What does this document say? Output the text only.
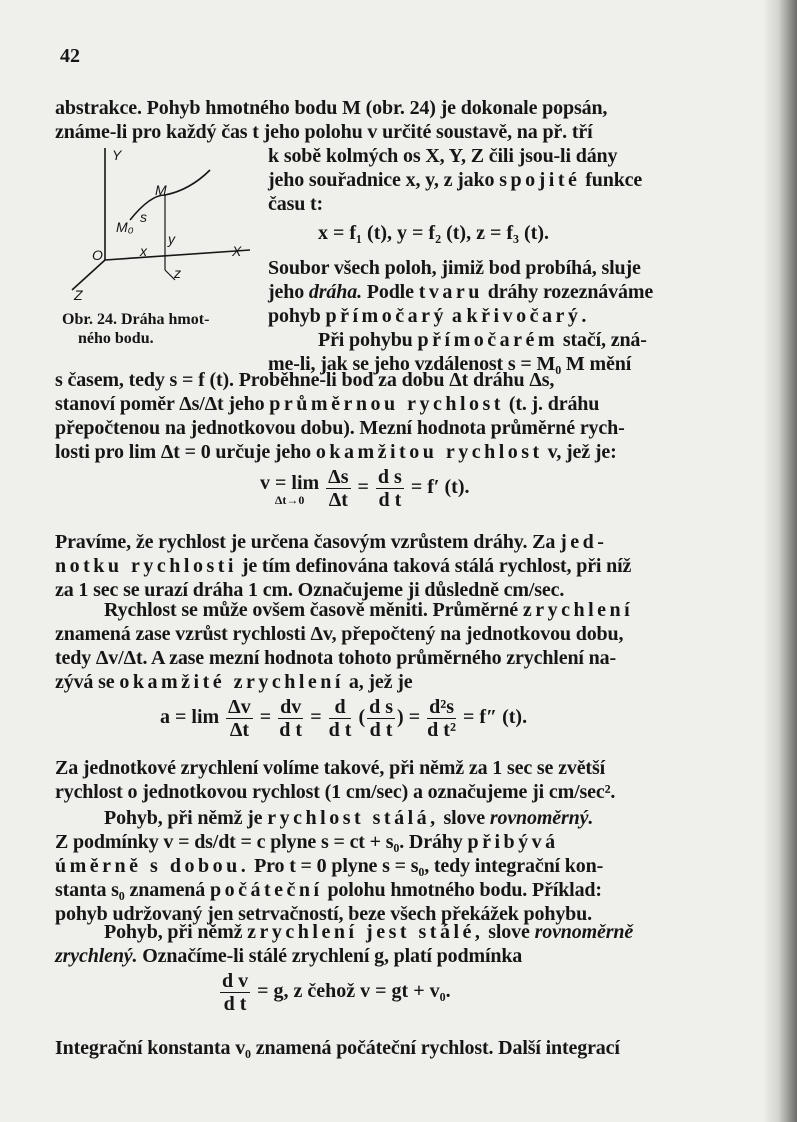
42
abstrakce. Pohyb hmotného bodu M (obr. 24) je dokonale popsán,
známe-li pro každý čas t jeho polohu v určité soustavě, na př. tří
Y
X
Z
O
M
M₀
s
x
y
z
Obr. 24. Dráha hmot-
ného bodu.
k sobě kolmých os X, Y, Z čili jsou-li dány
jeho souřadnice x, y, z jako spojité funkce
času t:
x = f₁ (t), y = f₂ (t), z = f₃ (t).
Soubor všech poloh, jimiž bod probíhá, sluje
jeho dráha. Podle tvaru dráhy rozeznáváme
pohyb přímočarý a křivočarý.
Při pohybu přímočarém stačí, zná-
me-li, jak se jeho vzdálenost s = M₀ M mění
s časem, tedy s = f (t). Proběhne-li bod za dobu Δt dráhu Δs,
stanoví poměr Δs/Δt jeho průměrnou rychlost (t. j. dráhu
přepočtenou na jednotkovou dobu). Mezní hodnota průměrné rych-
losti pro lim Δt = 0 určuje jeho okamžitou rychlost v, jež je:
v = lim
Δt→0
	$\frac{\Delta s}{\Delta t} = \frac{\text{d s}}{\text{d t}} = f'$ (t).
Pravíme, že rychlost je určena časovým vzrůstem dráhy. Za jed-
notku rychlosti je tím definována taková stálá rychlost, při níž
za 1 sec se urazí dráha 1 cm. Označujeme ji důsledně cm/sec.
Rychlost se může ovšem časově měniti. Průměrné zrychlení
znamená zase vzrůst rychlosti Δv, přepočtený na jednotkovou dobu,
tedy Δv/Δt. A zase mezní hodnota tohoto průměrného zrychlení na-
zývá se okamžité zrychlení a, jež je
$a = \lim \frac{\Delta v}{\Delta t} = \frac{dv}{\text{d t}} = \frac{d}{\text{d t}}$ ( $\frac{\text{d s}}{\text{d t}}$ ) = $\frac{\text{d²s}}{\text{d t²}} = f''$ (t).
Za jednotkové zrychlení volíme takové, při němž za 1 sec se zvětší
rychlost o jednotkovou rychlost (1 cm/sec) a označujeme ji cm/sec².
Pohyb, při němž je rychlost stálá, slove rovnoměrný.
Z podmínky v = ds/dt = c plyne s = ct + s₀. Dráhy přibývá
úměrně s dobou. Pro t = 0 plyne s = s₀, tedy integrační kon-
stanta s₀ znamená počáteční polohu hmotného bodu. Příklad:
pohyb udržovaný jen setrvačností, beze všech překážek pohybu.
Pohyb, při němž zrychlení jest stálé, slove rovnoměrně
zrychlený. Označíme-li stálé zrychlení g, platí podmínka
$\frac{\text{d v}}{\text{d t}} = g$, z čehož v = gt + v₀.
Integrační konstanta v₀ znamená počáteční rychlost. Další integrací
